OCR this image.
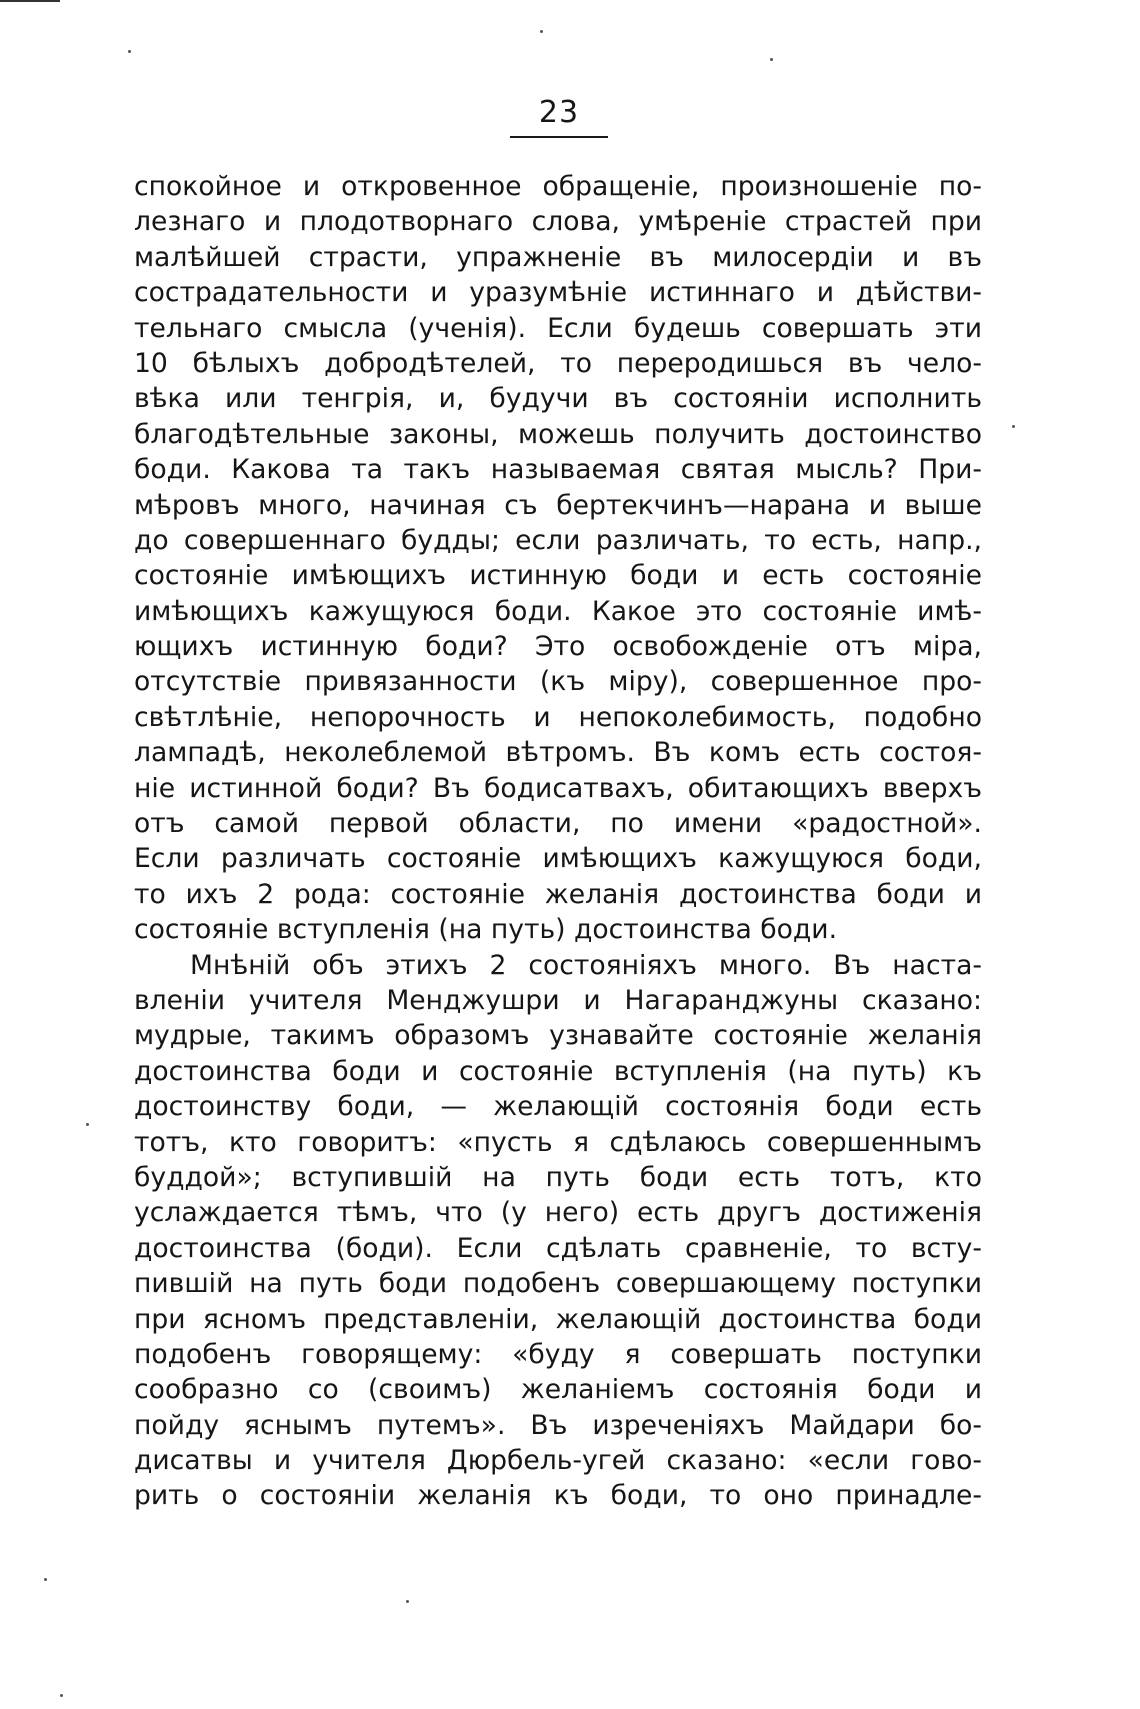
23
спокойное и откровенное обращеніе, произношеніе по-
лезнаго и плодотворнаго слова, умѣреніе страстей при
малѣйшей страсти, упражненіе въ милосердіи и въ
сострадательности и уразумѣніе истиннаго и дѣйстви-
тельнаго смысла (ученія). Если будешь совершать эти
10 бѣлыхъ добродѣтелей, то переродишься въ чело-
вѣка или тенгрія, и, будучи въ состояніи исполнить
благодѣтельные законы, можешь получить достоинство
боди. Какова та такъ называемая святая мысль? При-
мѣровъ много, начиная съ бертекчинъ—нарана и выше
до совершеннаго будды; если различать, то есть, напр.,
состояніе имѣющихъ истинную боди и есть состояніе
имѣющихъ кажущуюся боди. Какое это состояніе имѣ-
ющихъ истинную боди? Это освобожденіе отъ міра,
отсутствіе привязанности (къ міру), совершенное про-
свѣтлѣніе, непорочность и непоколебимость, подобно
лампадѣ, неколеблемой вѣтромъ. Въ комъ есть состоя-
ніе истинной боди? Въ бодисатвахъ, обитающихъ вверхъ
отъ самой первой области, по имени «радостной».
Если различать состояніе имѣющихъ кажущуюся боди,
то ихъ 2 рода: состояніе желанія достоинства боди и
состояніе вступленія (на путь) достоинства боди.
Мнѣній объ этихъ 2 состояніяхъ много. Въ наста-
вленіи учителя Менджушри и Нагаранджуны сказано:
мудрые, такимъ образомъ узнавайте состояніе желанія
достоинства боди и состояніе вступленія (на путь) къ
достоинству боди, — желающій состоянія боди есть
тотъ, кто говоритъ: «пусть я сдѣлаюсь совершеннымъ
буддой»; вступившій на путь боди есть тотъ, кто
услаждается тѣмъ, что (у него) есть другъ достиженія
достоинства (боди). Если сдѣлать сравненіе, то всту-
пившій на путь боди подобенъ совершающему поступки
при ясномъ представленіи, желающій достоинства боди
подобенъ говорящему: «буду я совершать поступки
сообразно со (своимъ) желаніемъ состоянія боди и
пойду яснымъ путемъ». Въ изреченіяхъ Майдари бо-
дисатвы и учителя Дюрбель-угей сказано: «если гово-
рить о состояніи желанія къ боди, то оно принадле-
